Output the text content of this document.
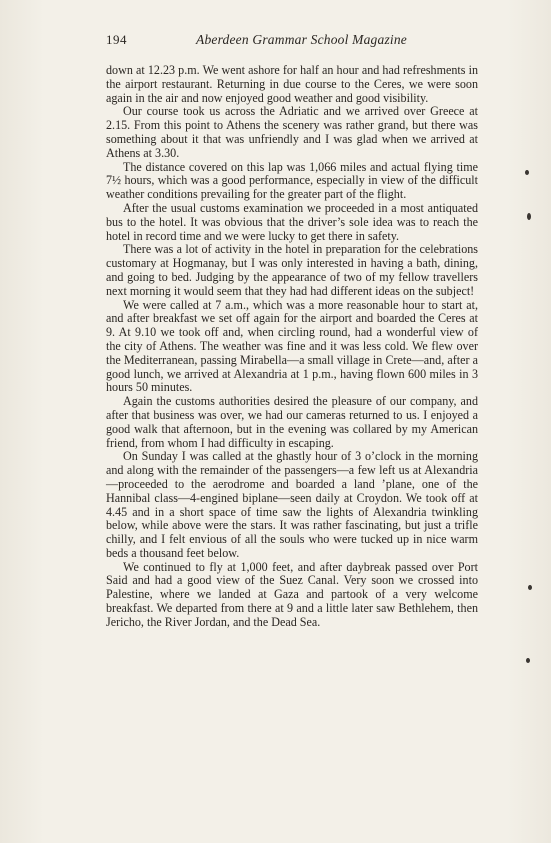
194	Aberdeen Grammar School Magazine

down at 12.23 p.m. We went ashore for half an hour and had refreshments in the airport restaurant. Returning in due course to the Ceres, we were soon again in the air and now enjoyed good weather and good visibility.

Our course took us across the Adriatic and we arrived over Greece at 2.15. From this point to Athens the scenery was rather grand, but there was something about it that was unfriendly and I was glad when we arrived at Athens at 3.30.

The distance covered on this lap was 1,066 miles and actual flying time 7½ hours, which was a good performance, especially in view of the difficult weather conditions prevailing for the greater part of the flight.

After the usual customs examination we proceeded in a most antiquated bus to the hotel. It was obvious that the driver’s sole idea was to reach the hotel in record time and we were lucky to get there in safety.

There was a lot of activity in the hotel in preparation for the celebrations customary at Hogmanay, but I was only interested in having a bath, dining, and going to bed. Judging by the appearance of two of my fellow travellers next morning it would seem that they had had different ideas on the subject!

We were called at 7 a.m., which was a more reasonable hour to start at, and after breakfast we set off again for the airport and boarded the Ceres at 9. At 9.10 we took off and, when circling round, had a wonderful view of the city of Athens. The weather was fine and it was less cold. We flew over the Mediterranean, passing Mirabella—a small village in Crete—and, after a good lunch, we arrived at Alexandria at 1 p.m., having flown 600 miles in 3 hours 50 minutes.

Again the customs authorities desired the pleasure of our company, and after that business was over, we had our cameras returned to us. I enjoyed a good walk that afternoon, but in the evening was collared by my American friend, from whom I had difficulty in escaping.

On Sunday I was called at the ghastly hour of 3 o’clock in the morning and along with the remainder of the passengers—a few left us at Alexandria—proceeded to the aerodrome and boarded a land ’plane, one of the Hannibal class—4-engined biplane—seen daily at Croydon. We took off at 4.45 and in a short space of time saw the lights of Alexandria twinkling below, while above were the stars. It was rather fascinating, but just a trifle chilly, and I felt envious of all the souls who were tucked up in nice warm beds a thousand feet below.

We continued to fly at 1,000 feet, and after daybreak passed over Port Said and had a good view of the Suez Canal. Very soon we crossed into Palestine, where we landed at Gaza and partook of a very welcome breakfast. We departed from there at 9 and a little later saw Bethlehem, then Jericho, the River Jordan, and the Dead Sea.
